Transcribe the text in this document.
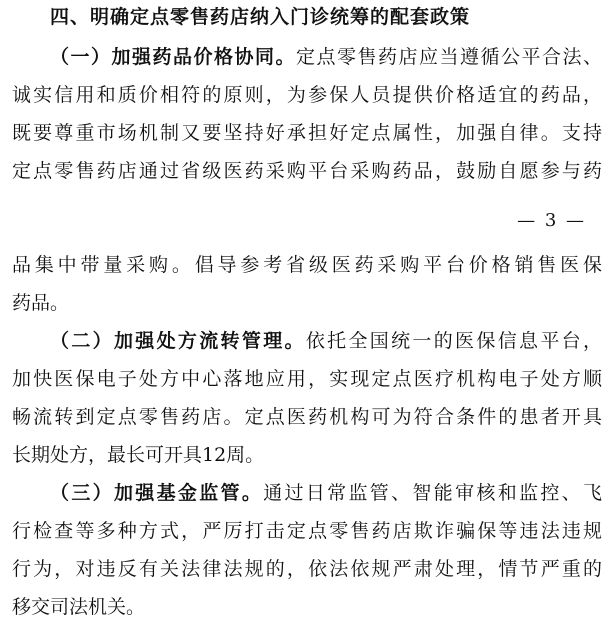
四、明确定点零售药店纳入门诊统筹的配套政策
（一）加强药品价格协同。定点零售药店应当遵循公平合法、
诚实信用和质价相符的原则，为参保人员提供价格适宜的药品，
既要尊重市场机制又要坚持好承担好定点属性，加强自律。支持
定点零售药店通过省级医药采购平台采购药品，鼓励自愿参与药
— 3 —
品集中带量采购。倡导参考省级医药采购平台价格销售医保
药品。
（二）加强处方流转管理。依托全国统一的医保信息平台，
加快医保电子处方中心落地应用，实现定点医疗机构电子处方顺
畅流转到定点零售药店。定点医药机构可为符合条件的患者开具
长期处方，最长可开具12周。
（三）加强基金监管。通过日常监管、智能审核和监控、飞
行检查等多种方式，严厉打击定点零售药店欺诈骗保等违法违规
行为，对违反有关法律法规的，依法依规严肃处理，情节严重的
移交司法机关。
